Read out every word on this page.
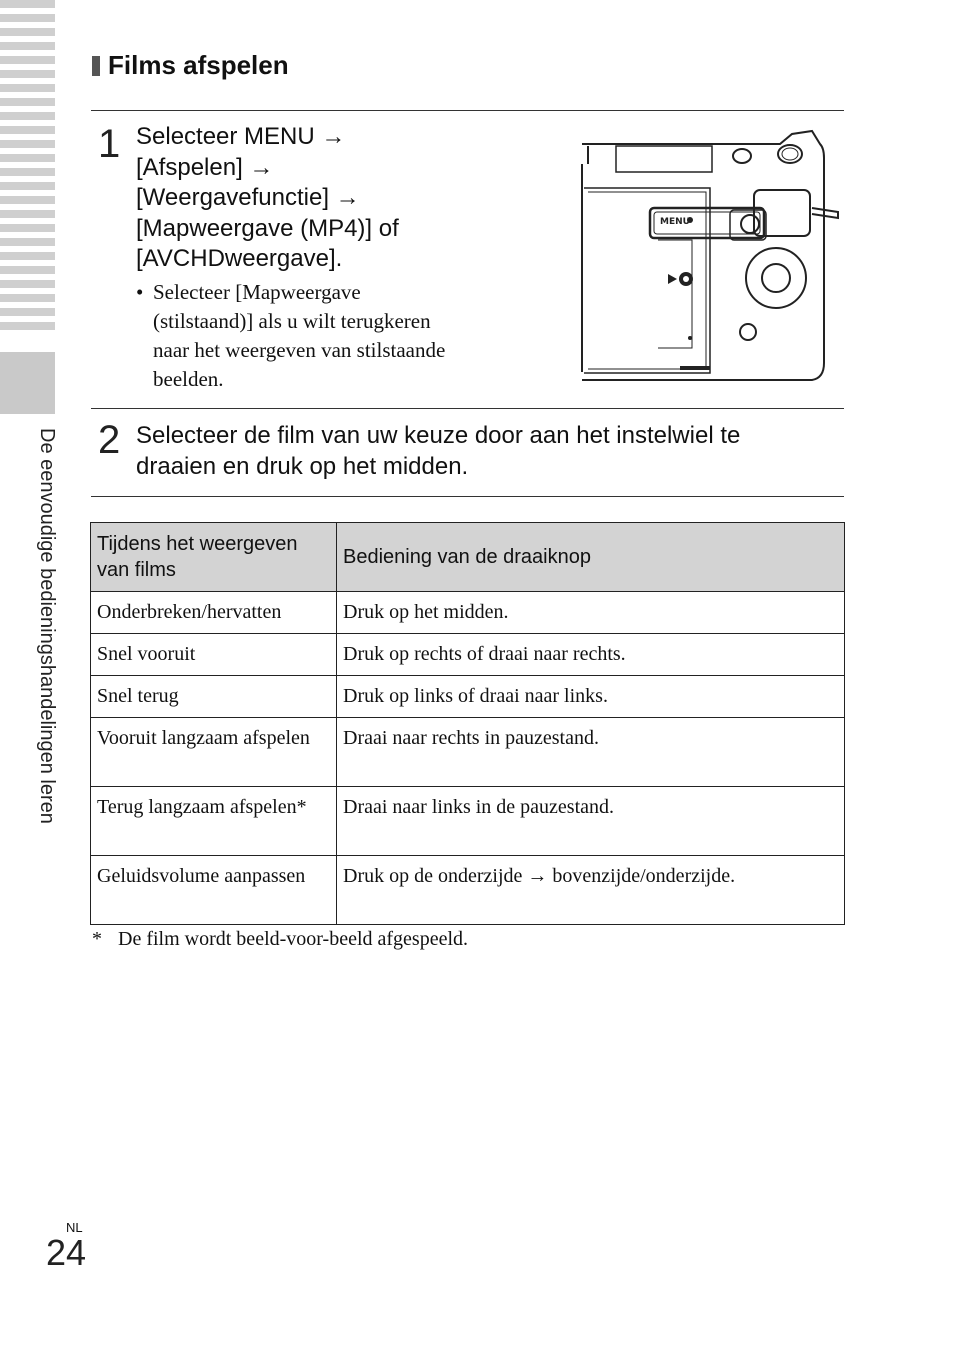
De eenvoudige bedieningshandelingen leren
Films afspelen
1 Selecteer MENU →
[Afspelen] →
[Weergavefunctie] →
[Mapweergave (MP4)] of
[AVCHDweergave].
• Selecteer [Mapweergave
(stilstaand)] als u wilt terugkeren
naar het weergeven van stilstaande
beelden.
MENU
2 Selecteer de film van uw keuze door aan het instelwiel te
draaien en druk op het midden.
Tijdens het weergeven van films	Bediening van de draaiknop
Onderbreken/hervatten	Druk op het midden.
Snel vooruit	Druk op rechts of draai naar rechts.
Snel terug	Druk op links of draai naar links.
Vooruit langzaam afspelen	Draai naar rechts in pauzestand.
Terug langzaam afspelen*	Draai naar links in de pauzestand.
Geluidsvolume aanpassen	Druk op de onderzijde → bovenzijde/onderzijde.
* De film wordt beeld-voor-beeld afgespeeld.
NL
24
